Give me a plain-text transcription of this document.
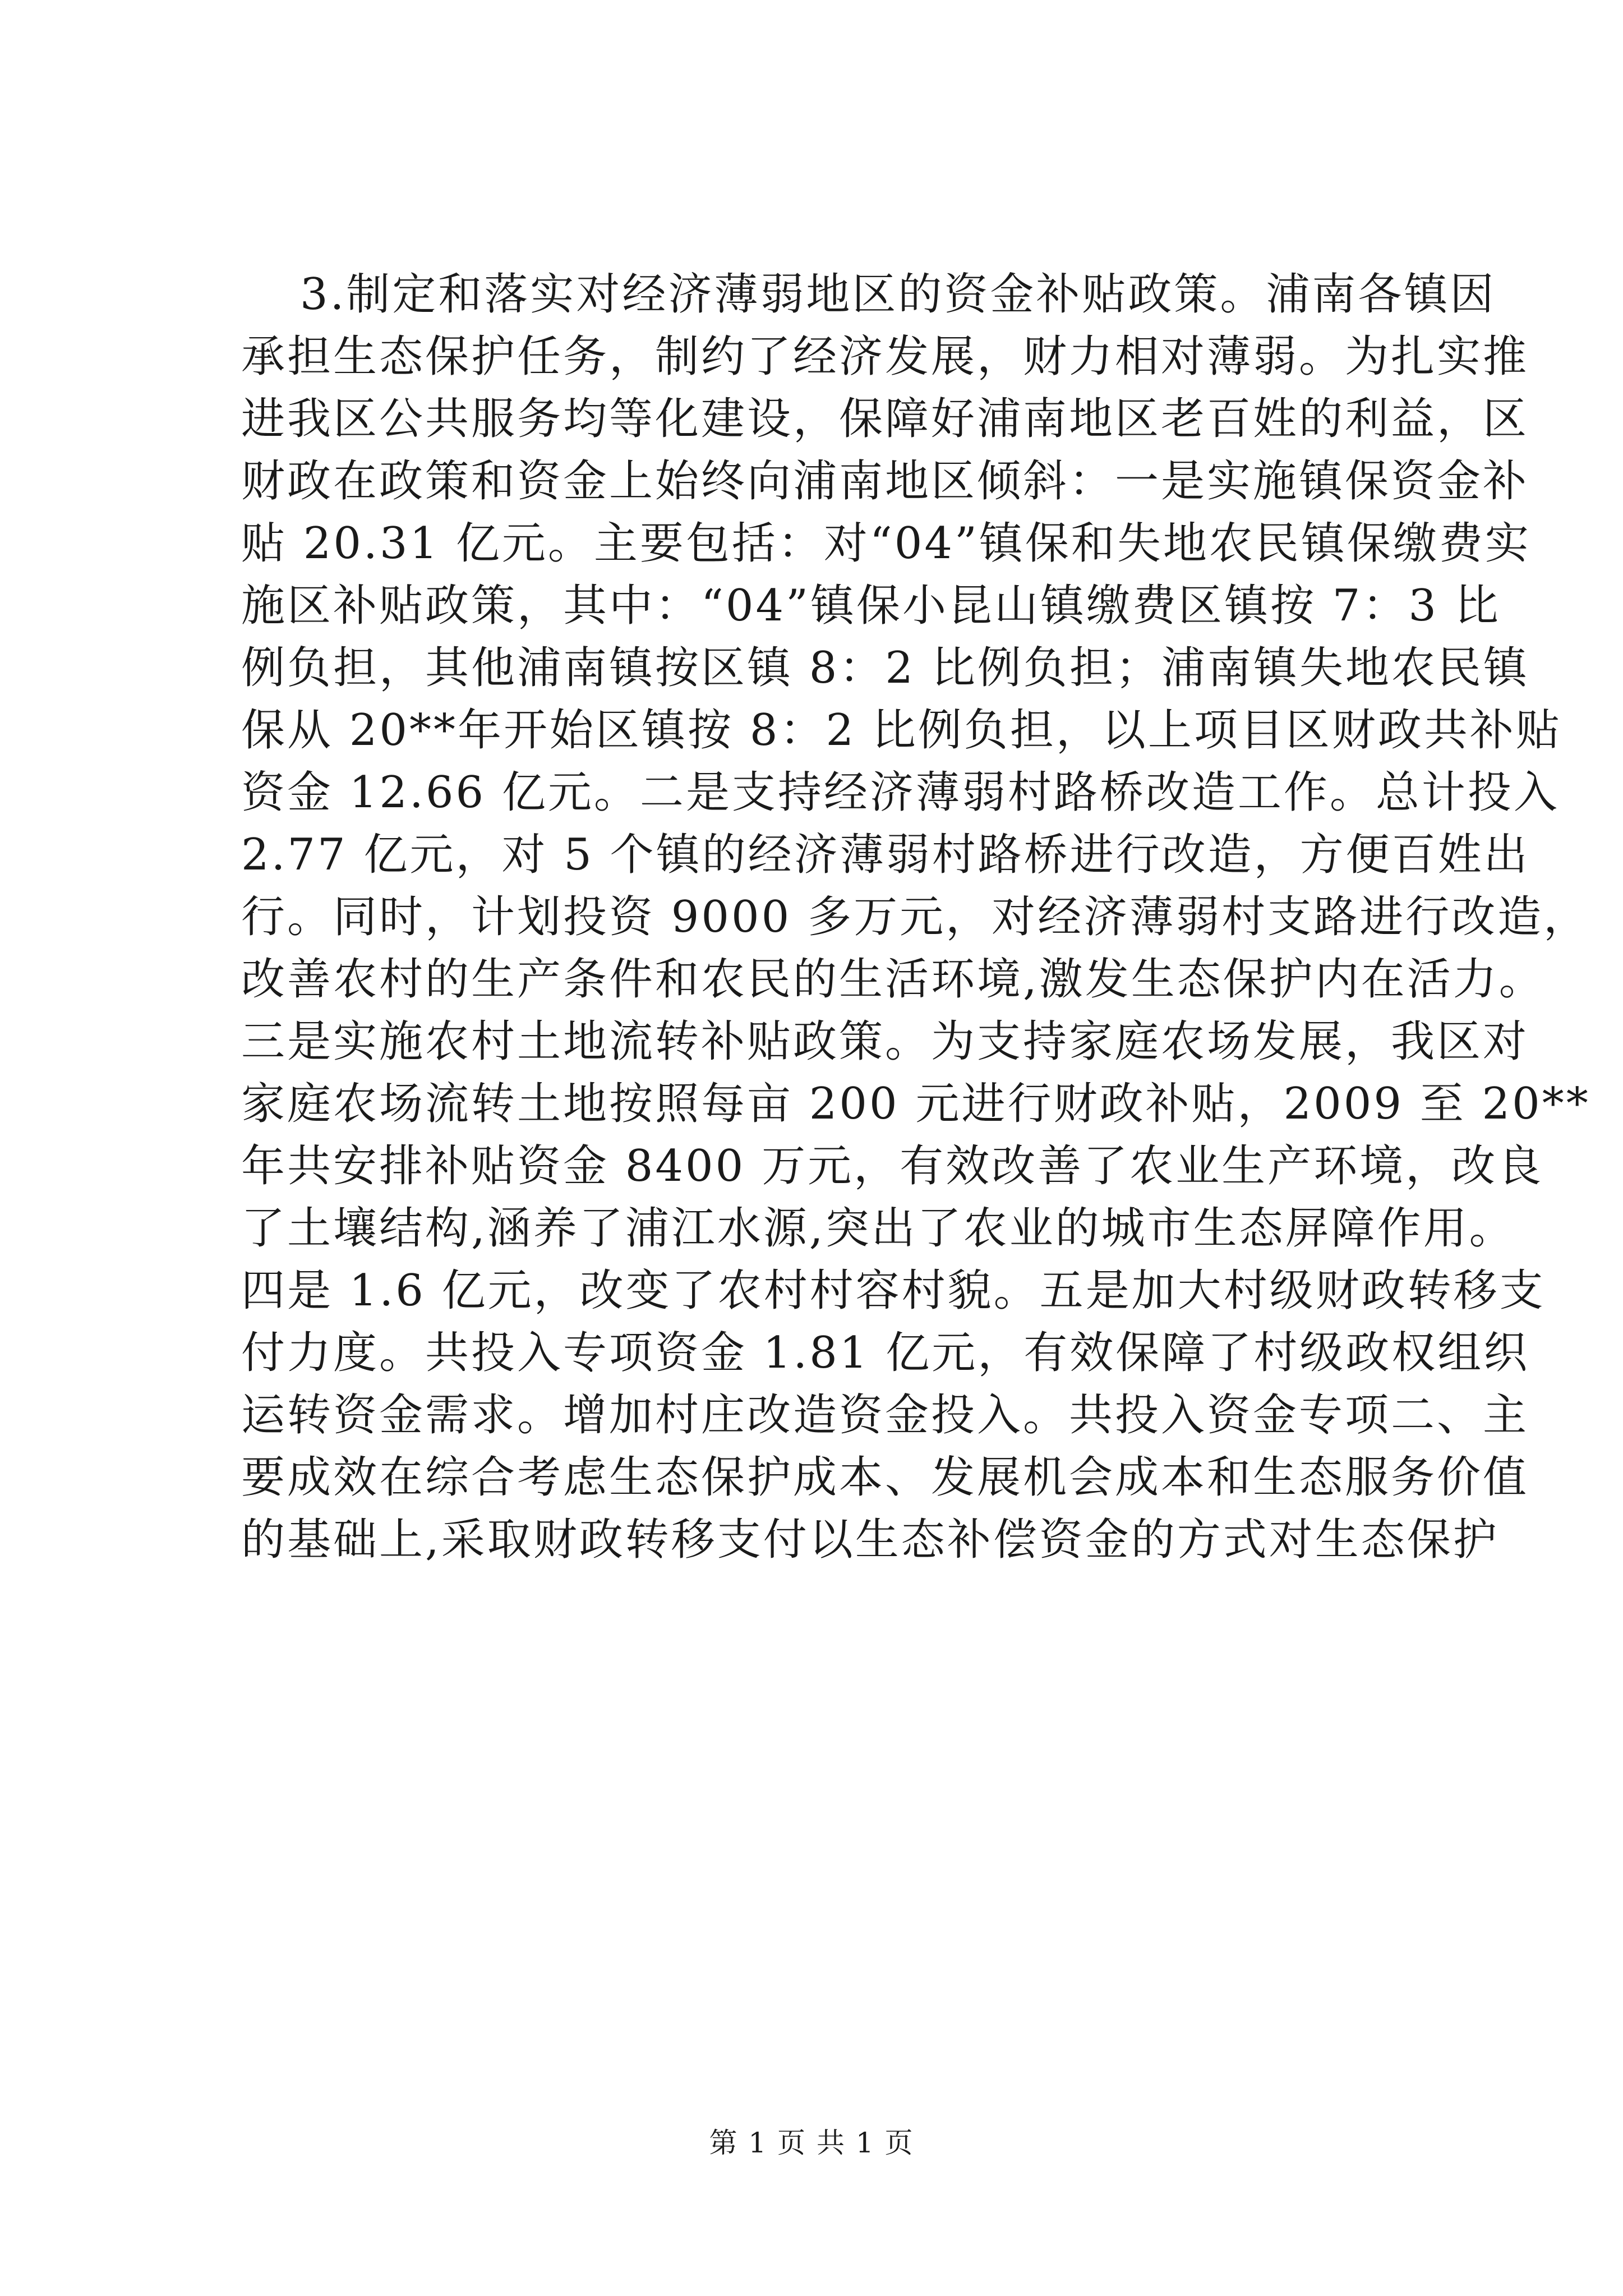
3.制定和落实对经济薄弱地区的资金补贴政策。浦南各镇因
承担生态保护任务，制约了经济发展，财力相对薄弱。为扎实推
进我区公共服务均等化建设，保障好浦南地区老百姓的利益，区
财政在政策和资金上始终向浦南地区倾斜：一是实施镇保资金补
贴 20.31 亿元。主要包括：对“04”镇保和失地农民镇保缴费实
施区补贴政策，其中：“04”镇保小昆山镇缴费区镇按 7：3 比
例负担，其他浦南镇按区镇 8：2 比例负担；浦南镇失地农民镇
保从 20**年开始区镇按 8：2 比例负担，以上项目区财政共补贴
资金 12.66 亿元。二是支持经济薄弱村路桥改造工作。总计投入
2.77 亿元，对 5 个镇的经济薄弱村路桥进行改造，方便百姓出
行。同时，计划投资 9000 多万元，对经济薄弱村支路进行改造，
改善农村的生产条件和农民的生活环境,激发生态保护内在活力。
三是实施农村土地流转补贴政策。为支持家庭农场发展，我区对
家庭农场流转土地按照每亩 200 元进行财政补贴，2009 至 20**
年共安排补贴资金 8400 万元，有效改善了农业生产环境，改良
了土壤结构,涵养了浦江水源,突出了农业的城市生态屏障作用。
四是 1.6 亿元，改变了农村村容村貌。五是加大村级财政转移支
付力度。共投入专项资金 1.81 亿元，有效保障了村级政权组织
运转资金需求。增加村庄改造资金投入。共投入资金专项二、主
要成效在综合考虑生态保护成本、发展机会成本和生态服务价值
的基础上,采取财政转移支付以生态补偿资金的方式对生态保护
第 1 页 共 1 页
